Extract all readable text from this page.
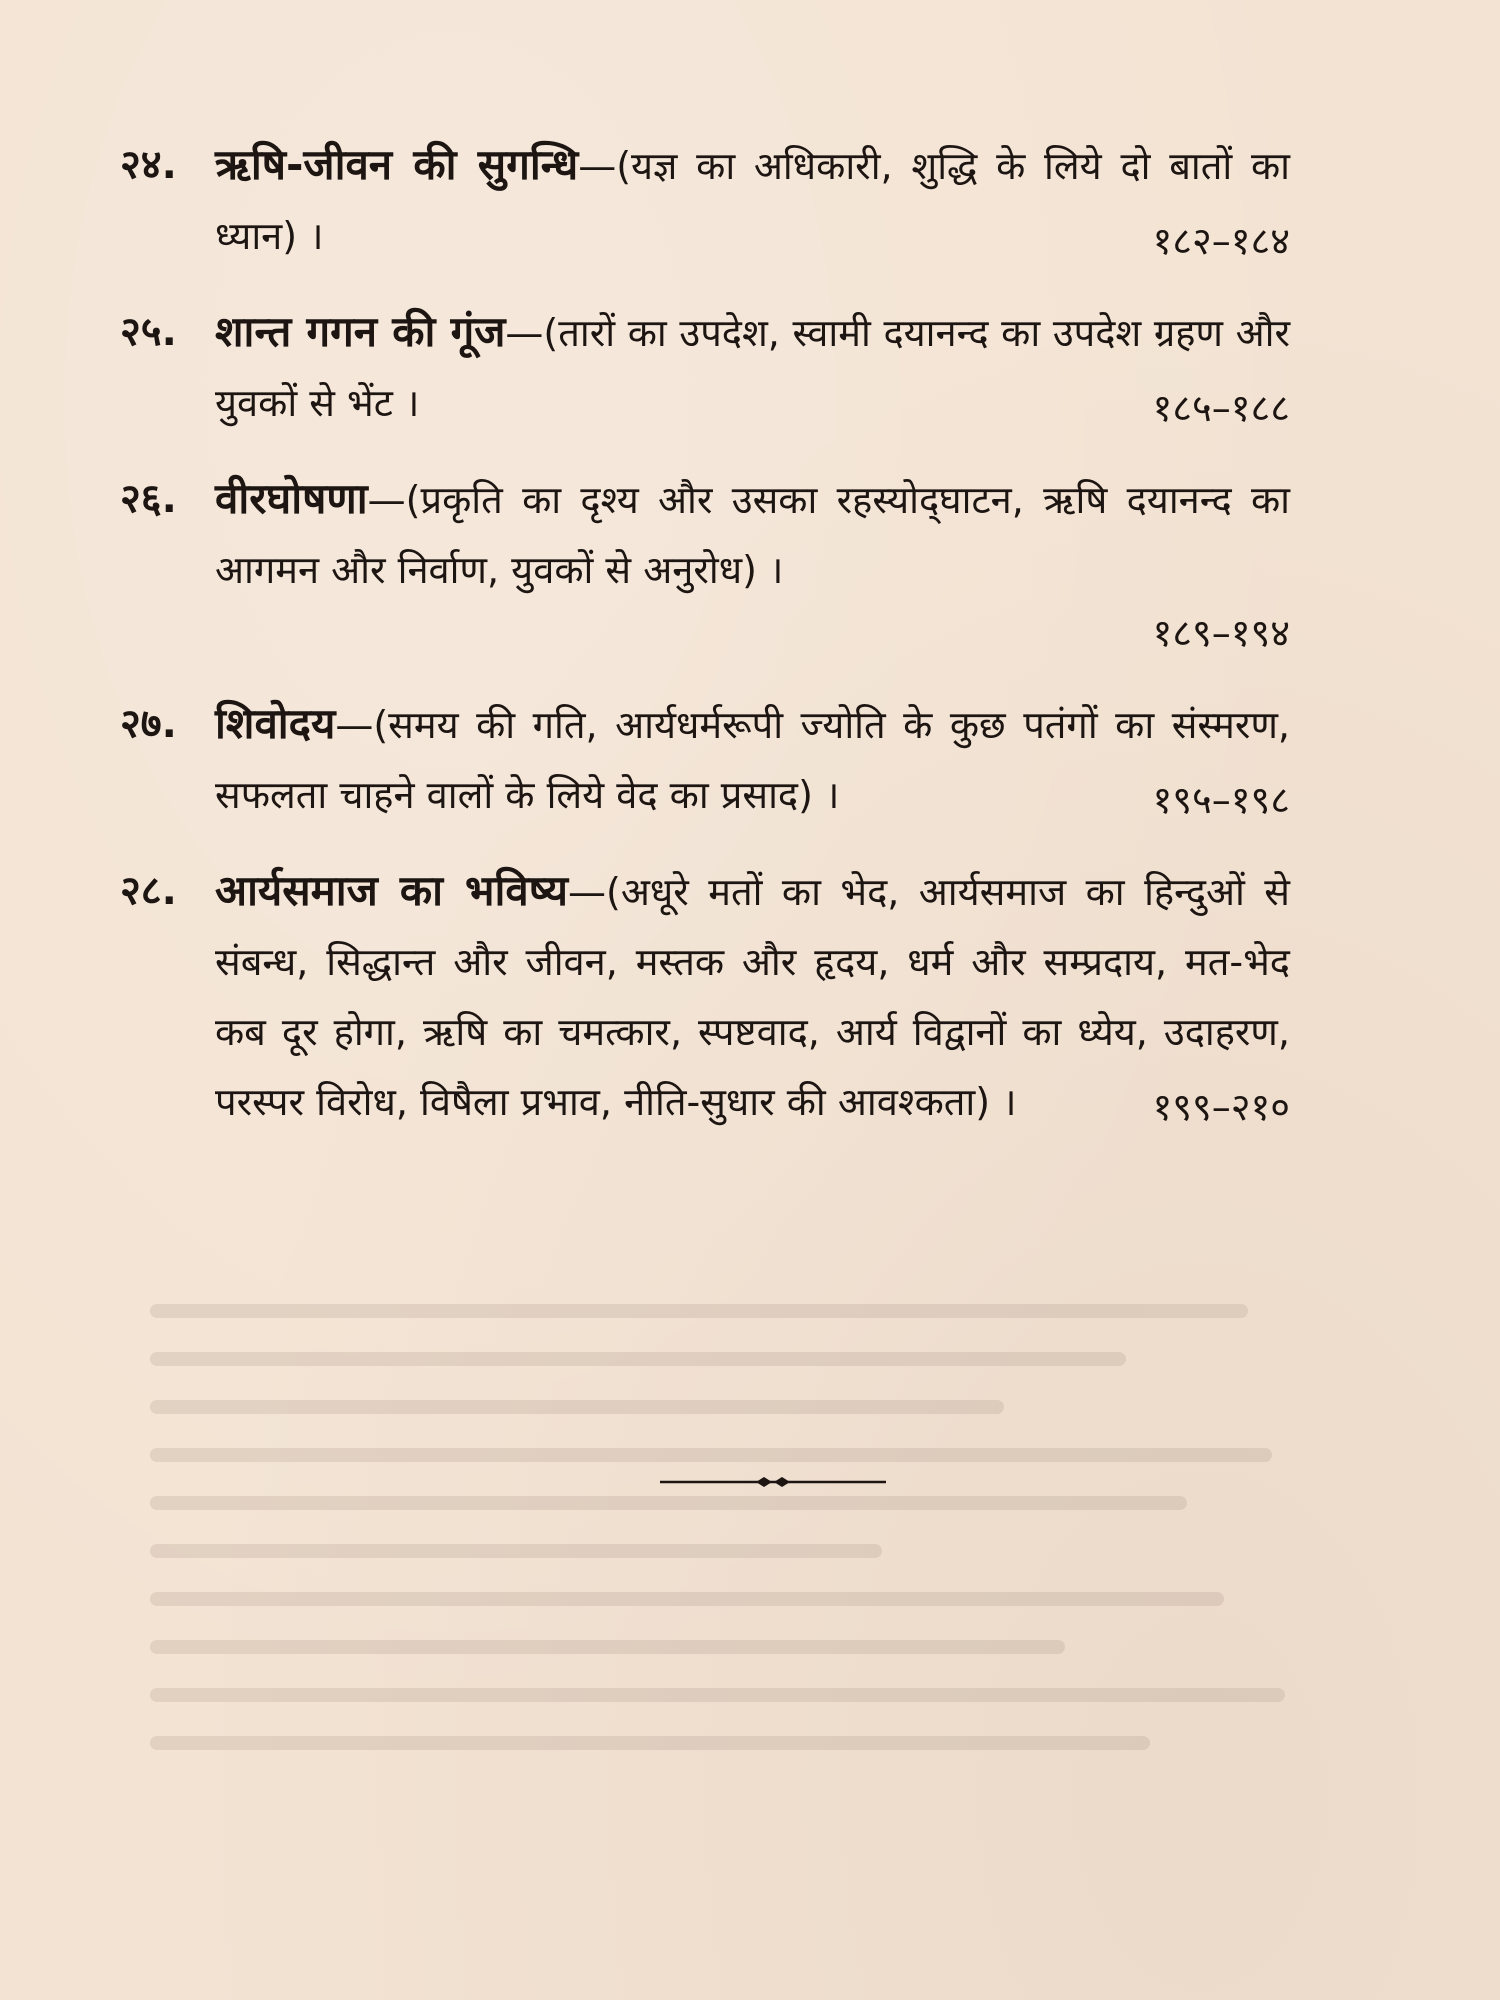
२४. ऋषि-जीवन की सुगन्धि—(यज्ञ का अधिकारी, शुद्धि के लिये दो बातों का ध्यान) ।	१८२–१८४
२५. शान्त गगन की गूंज—(तारों का उपदेश, स्वामी दयानन्द का उपदेश ग्रहण और युवकों से भेंट ।	१८५–१८८
२६. वीरघोषणा—(प्रकृति का दृश्य और उसका रहस्योद्‌घाटन, ऋषि दयानन्द का आगमन और निर्वाण, युवकों से अनुरोध) ।
१८९–१९४
२७. शिवोदय—(समय की गति, आर्यधर्मरूपी ज्योति के कुछ पतंगों का संस्मरण, सफलता चाहने वालों के लिये वेद का प्रसाद) ।	१९५–१९८
२८. आर्यसमाज का भविष्य—(अधूरे मतों का भेद, आर्यसमाज का हिन्दुओं से संबन्ध, सिद्धान्त और जीवन, मस्तक और हृदय, धर्म और सम्प्रदाय, मत-भेद कब दूर होगा, ऋषि का चमत्कार, स्पष्टवाद, आर्य विद्वानों का ध्येय, उदाहरण, परस्पर विरोध, विषैला प्रभाव, नीति-सुधार की आवश्कता) ।	१९९–२१०
